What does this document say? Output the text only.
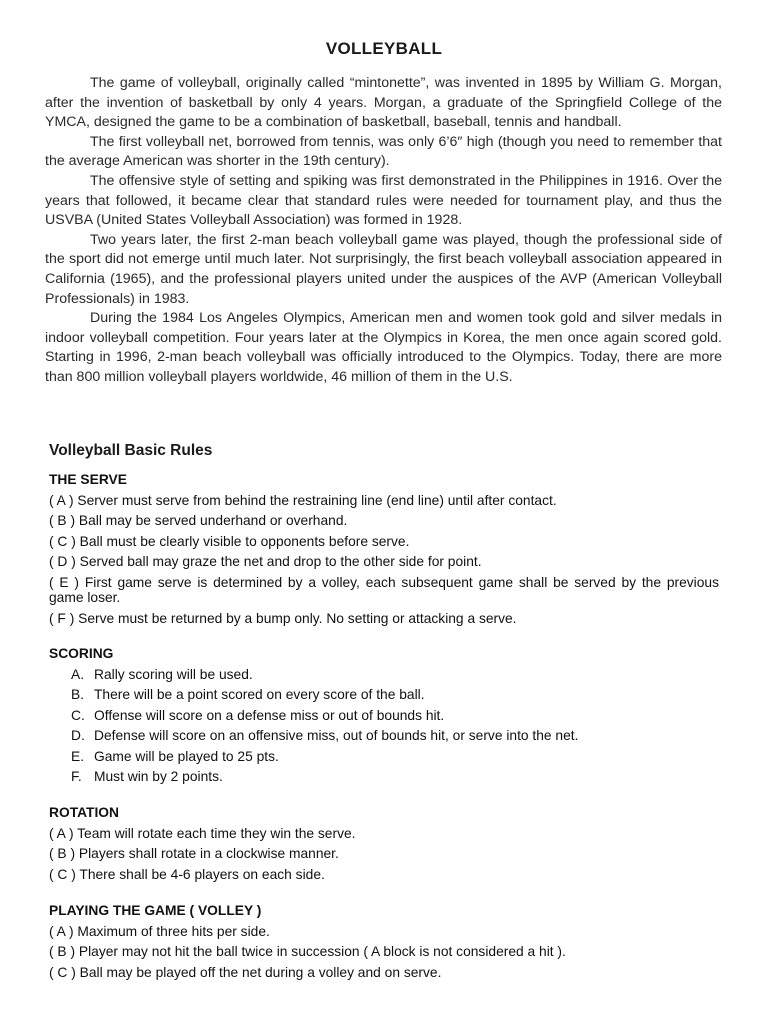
VOLLEYBALL

The game of volleyball, originally called “mintonette”, was invented in 1895 by William G. Morgan, after the invention of basketball by only 4 years. Morgan, a graduate of the Springfield College of the YMCA, designed the game to be a combination of basketball, baseball, tennis and handball.

The first volleyball net, borrowed from tennis, was only 6’6″ high (though you need to remember that the average American was shorter in the 19th century).

The offensive style of setting and spiking was first demonstrated in the Philippines in 1916. Over the years that followed, it became clear that standard rules were needed for tournament play, and thus the USVBA (United States Volleyball Association) was formed in 1928.

Two years later, the first 2-man beach volleyball game was played, though the professional side of the sport did not emerge until much later. Not surprisingly, the first beach volleyball association appeared in California (1965), and the professional players united under the auspices of the AVP (American Volleyball Professionals) in 1983.

During the 1984 Los Angeles Olympics, American men and women took gold and silver medals in indoor volleyball competition. Four years later at the Olympics in Korea, the men once again scored gold. Starting in 1996, 2-man beach volleyball was officially introduced to the Olympics. Today, there are more than 800 million volleyball players worldwide, 46 million of them in the U.S.

Volleyball Basic Rules
THE SERVE
( A ) Server must serve from behind the restraining line (end line) until after contact.
( B ) Ball may be served underhand or overhand.
( C ) Ball must be clearly visible to opponents before serve.
( D ) Served ball may graze the net and drop to the other side for point.
( E ) First game serve is determined by a volley, each subsequent game shall be served by the previous game loser.
( F ) Serve must be returned by a bump only. No setting or attacking a serve.
SCORING
A. Rally scoring will be used.
B. There will be a point scored on every score of the ball.
C. Offense will score on a defense miss or out of bounds hit.
D. Defense will score on an offensive miss, out of bounds hit, or serve into the net.
E. Game will be played to 25 pts.
F. Must win by 2 points.
ROTATION
( A ) Team will rotate each time they win the serve.
( B ) Players shall rotate in a clockwise manner.
( C ) There shall be 4-6 players on each side.
PLAYING THE GAME ( VOLLEY )
( A ) Maximum of three hits per side.
( B ) Player may not hit the ball twice in succession ( A block is not considered a hit ).
( C ) Ball may be played off the net during a volley and on serve.
